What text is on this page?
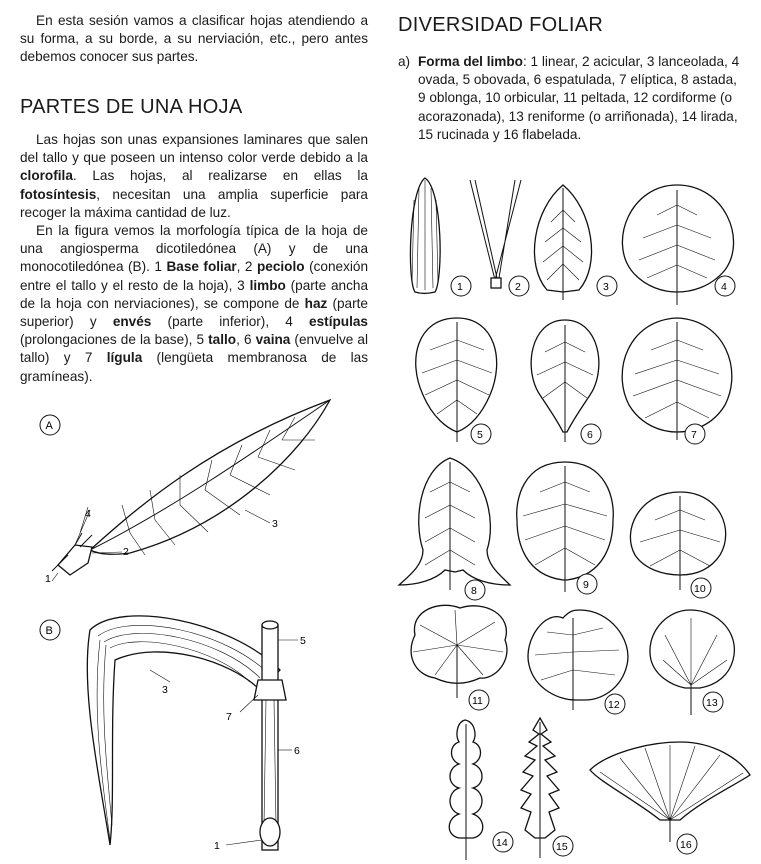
En esta sesión vamos a clasificar hojas atendiendo a su forma, a su borde, a su nerviación, etc., pero antes debemos conocer sus partes.

PARTES DE UNA HOJA

Las hojas son unas expansiones laminares que salen del tallo y que poseen un intenso color verde debido a la clorofila. Las hojas, al realizarse en ellas la fotosíntesis, necesitan una amplia superficie para recoger la máxima cantidad de luz.

En la figura vemos la morfología típica de la hoja de una angiosperma dicotiledónea (A) y de una monocotiledónea (B). 1 Base foliar, 2 peciolo (conexión entre el tallo y el resto de la hoja), 3 limbo (parte ancha de la hoja con nerviaciones), se compone de haz (parte superior) y envés (parte inferior), 4 estípulas (prolongaciones de la base), 5 tallo, 6 vaina (envuelve al tallo) y 7 lígula (lengüeta membranosa de las gramíneas).

A
4
2
3
1
B
5
6
7
3
1
DIVERSIDAD FOLIAR
a) Forma del limbo: 1 linear, 2 acicular, 3 lanceolada, 4 ovada, 5 obovada, 6 espatulada, 7 elíptica, 8 astada, 9 oblonga, 10 orbicular, 11 peltada, 12 cordiforme (o acorazonada), 13 reniforme (o arriñonada), 14 lirada, 15 rucinada y 16 flabelada.

1	2	3	4
5	6	7
8	9	10
11	12	13
14	15	16
